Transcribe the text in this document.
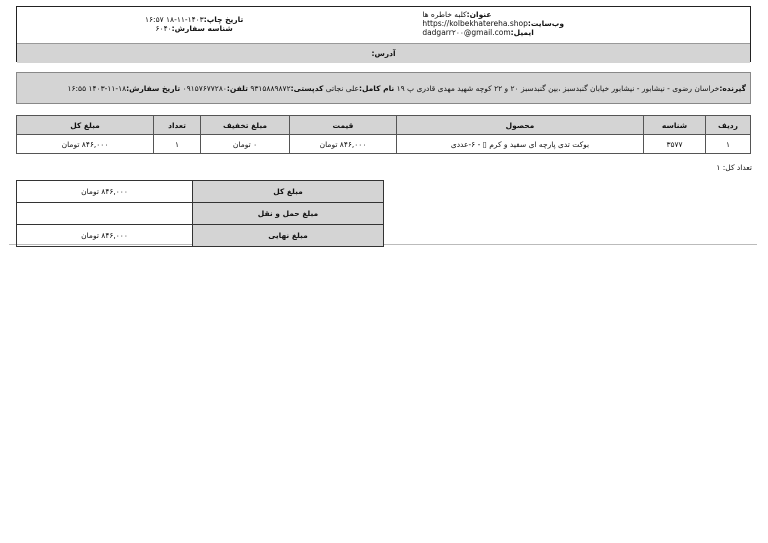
عنوان:کلبه خاطره ها
وب‌سایت:https://kolbekhatereha.shop
ایمیل:dadgarr۲۰۰@gmail.com
تاریخ چاپ:۱۴۰۳-۱۱-۱۸ ۱۶:۵۷
شناسه سفارش:۶۰۴۰
آدرس:
گیرنده:
خراسان رضوی - نیشابور - نیشابور خیابان گنبدسبز ،بین گنبدسبز ۲۰ و ۲۲ کوچه شهید مهدی قادری پ ۱۹

نام کامل:
علی نجاتی

کدپستی:
۹۳۱۵۸۸۹۸۷۲

تلفن:
۰۹۱۵۷۶۷۷۲۸۰

تاریخ سفارش:
۱۴۰۳-۱۱-۱۸ ۱۶:۵۵
ردیف	شناسه	محصول	قیمت	مبلغ تخفیف	تعداد	مبلغ کل
۱	۳۵۷۷	بوکت تدی پارچه ای سفید و کرم ▯ - ۶-عددی	۸۴۶,۰۰۰ تومان	۰ تومان	۱	۸۴۶,۰۰۰ تومان
تعداد کل: ۱
مبلغ کل	۸۴۶,۰۰۰ تومان
مبلغ حمل و نقل	
مبلغ نهایی	۸۴۶,۰۰۰ تومان
